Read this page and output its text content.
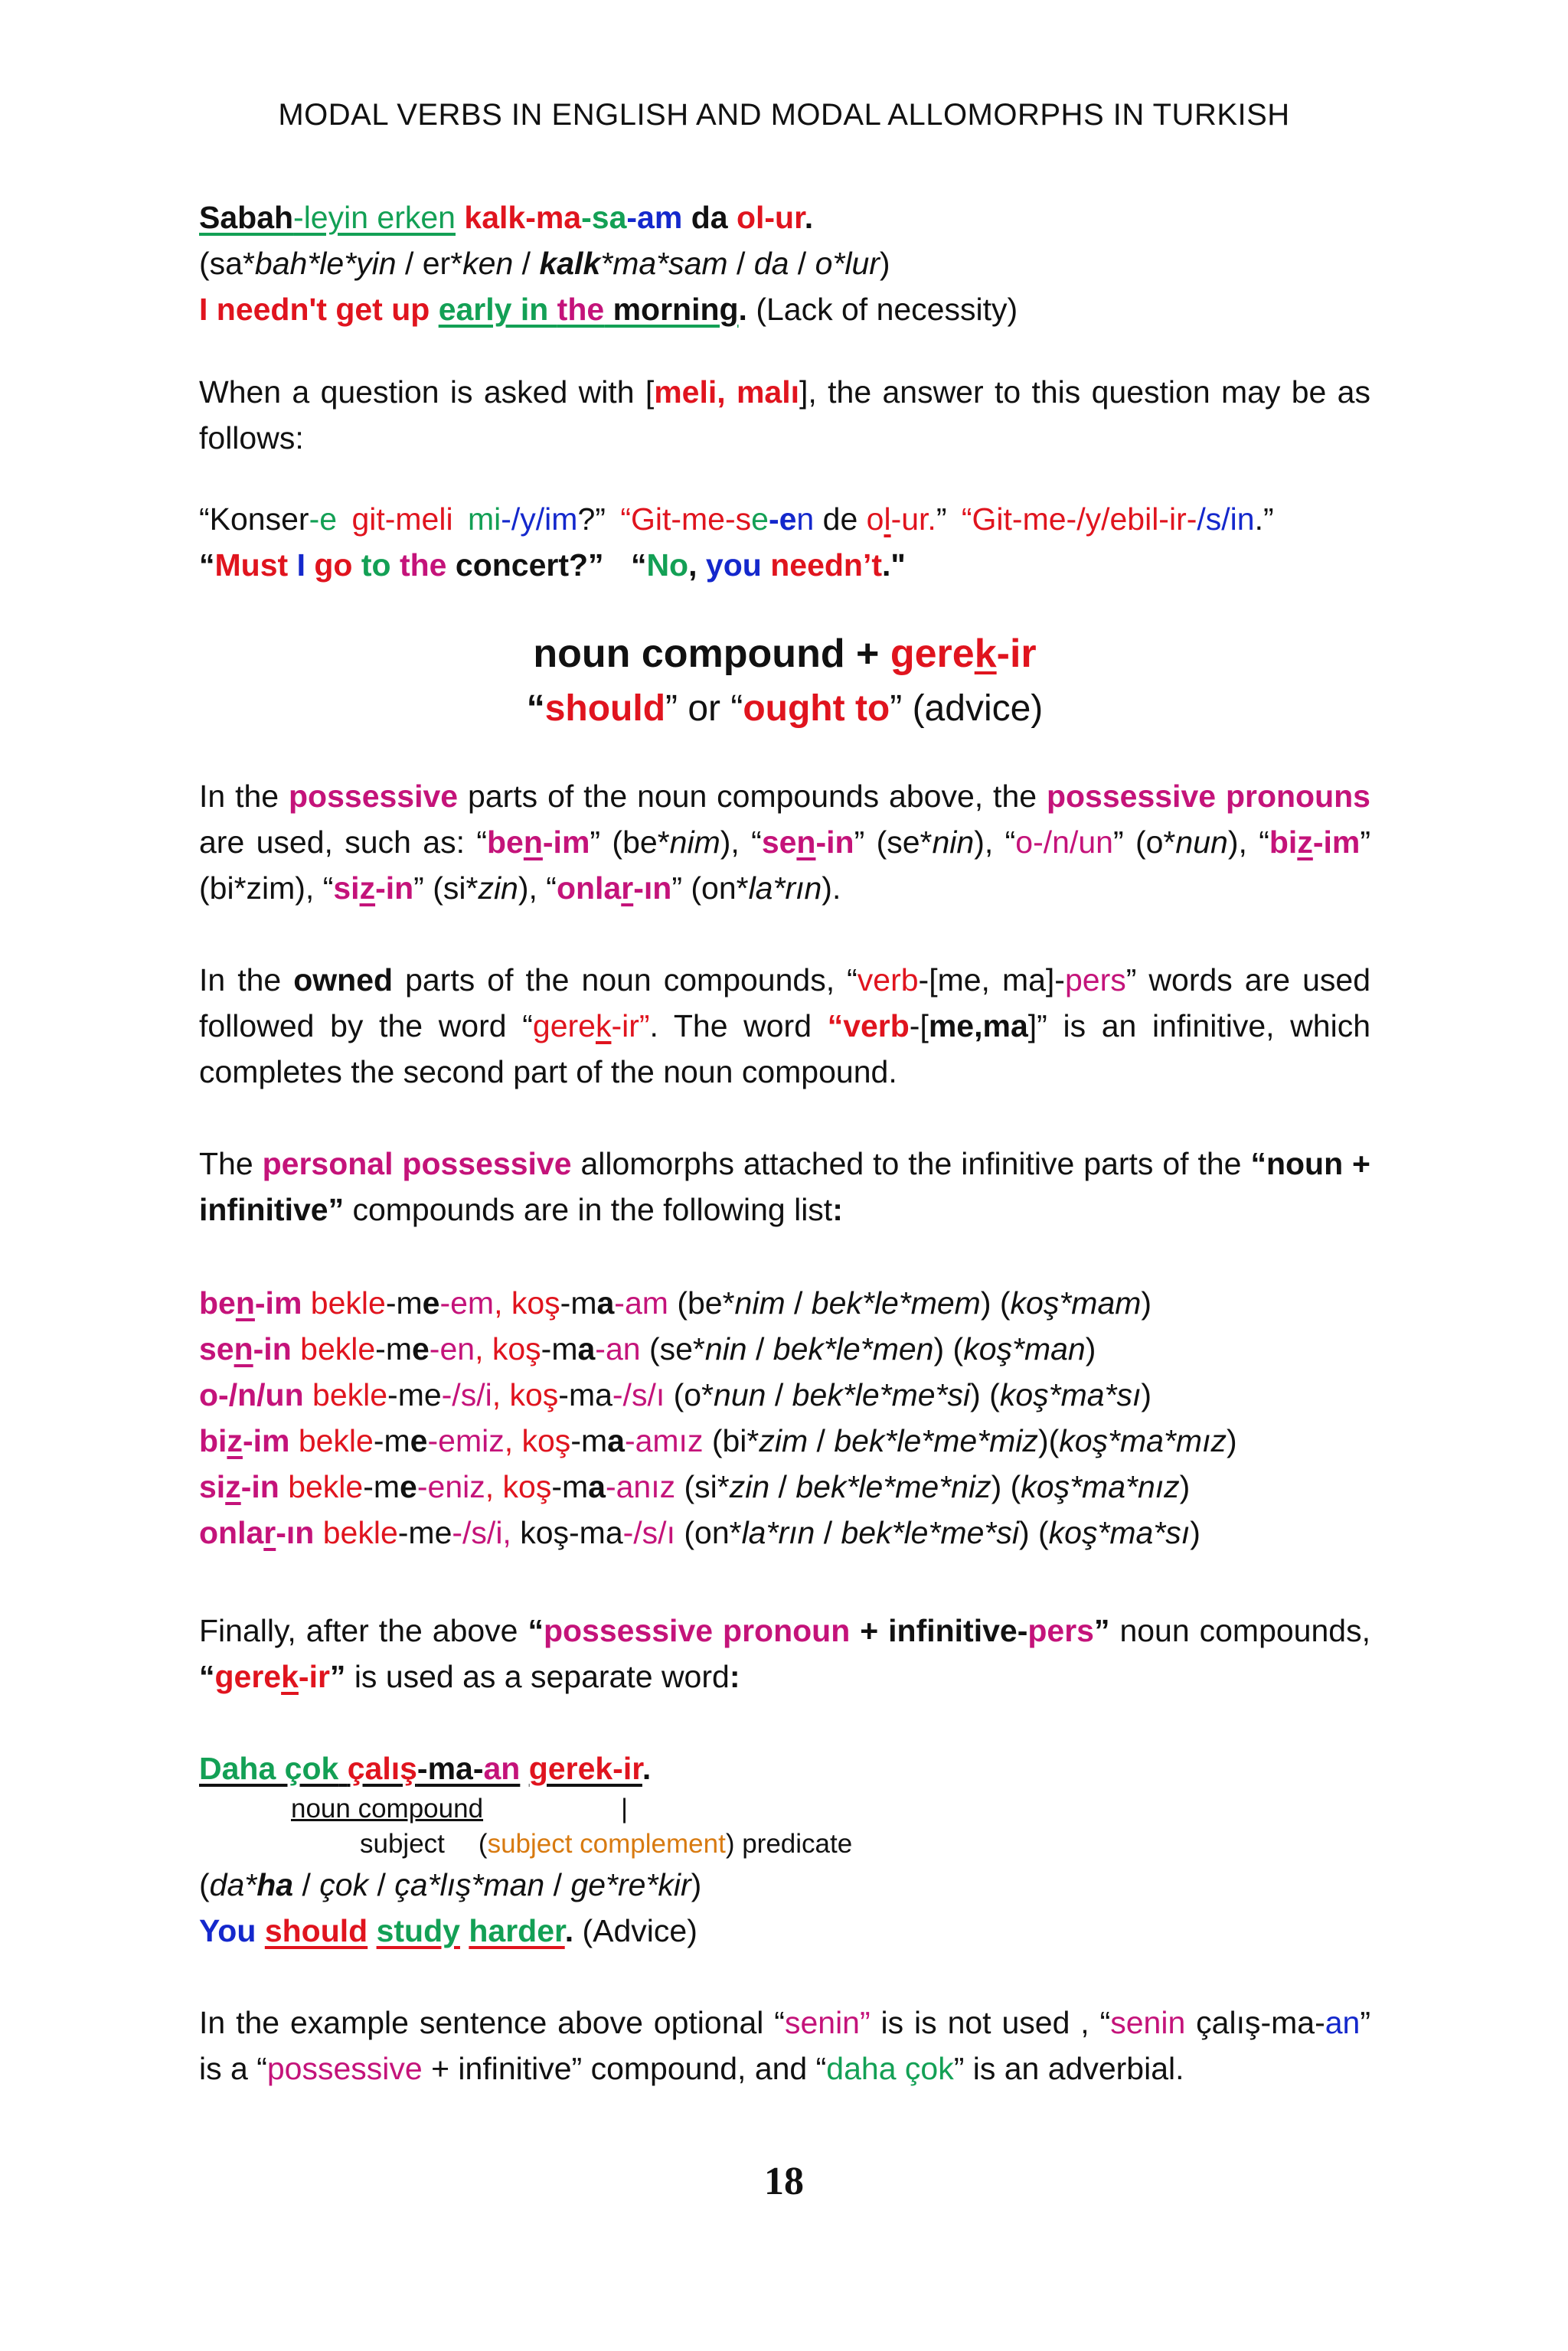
MODAL VERBS IN ENGLISH AND MODAL ALLOMORPHS IN TURKISH
Sabah-leyin erken kalk-ma-sa-am da ol-ur.
(sa*bah*le*yin / er*ken / kalk*ma*sam / da / o*lur)
I needn't get up early in the morning. (Lack of necessity)
When a question is asked with [meli, malı], the answer to this question may be as follows:
“Konser-e git-meli mi-/y/im?” “Git-me-se-en de ol-ur.” “Git-me-/y/ebil-ir-/s/in.”
“Must I go to the concert?” “No, you needn’t."
noun compound + gerek-ir
“should” or “ought to” (advice)
In the possessive parts of the noun compounds above, the possessive pronouns are used, such as: “ben-im” (be*nim), “sen-in” (se*nin), “o-/n/un” (o*nun), “biz-im” (bi*zim), “siz-in” (si*zin), “onlar-ın” (on*la*rın).
In the owned parts of the noun compounds, “verb-[me, ma]-pers” words are used followed by the word “gerek-ir”. The word “verb-[me,ma]” is an infinitive, which completes the second part of the noun compound.
The personal possessive allomorphs attached to the infinitive parts of the “noun + infinitive” compounds are in the following list:
ben-im bekle-me-em, koş-ma-am (be*nim / bek*le*mem) (koş*mam)
sen-in bekle-me-en, koş-ma-an (se*nin / bek*le*men) (koş*man)
o-/n/un bekle-me-/s/i, koş-ma-/s/ı (o*nun / bek*le*me*si) (koş*ma*sı)
biz-im bekle-me-emiz, koş-ma-amız (bi*zim / bek*le*me*miz)(koş*ma*mız)
siz-in bekle-me-eniz, koş-ma-anız (si*zin / bek*le*me*niz) (koş*ma*nız)
onlar-ın bekle-me-/s/i, koş-ma-/s/ı (on*la*rın / bek*le*me*si) (koş*ma*sı)
Finally, after the above “possessive pronoun + infinitive-pers” noun compounds, “gerek-ir” is used as a separate word:
Daha çok çalış-ma-an gerek-ir.
noun compound	|
subject (subject complement) predicate
(da*ha / çok / ça*lış*man / ge*re*kir)
You should study harder. (Advice)
In the example sentence above optional “senin” is is not used , “senin çalış-ma-an” is a “possessive + infinitive” compound, and “daha çok” is an adverbial.
18
